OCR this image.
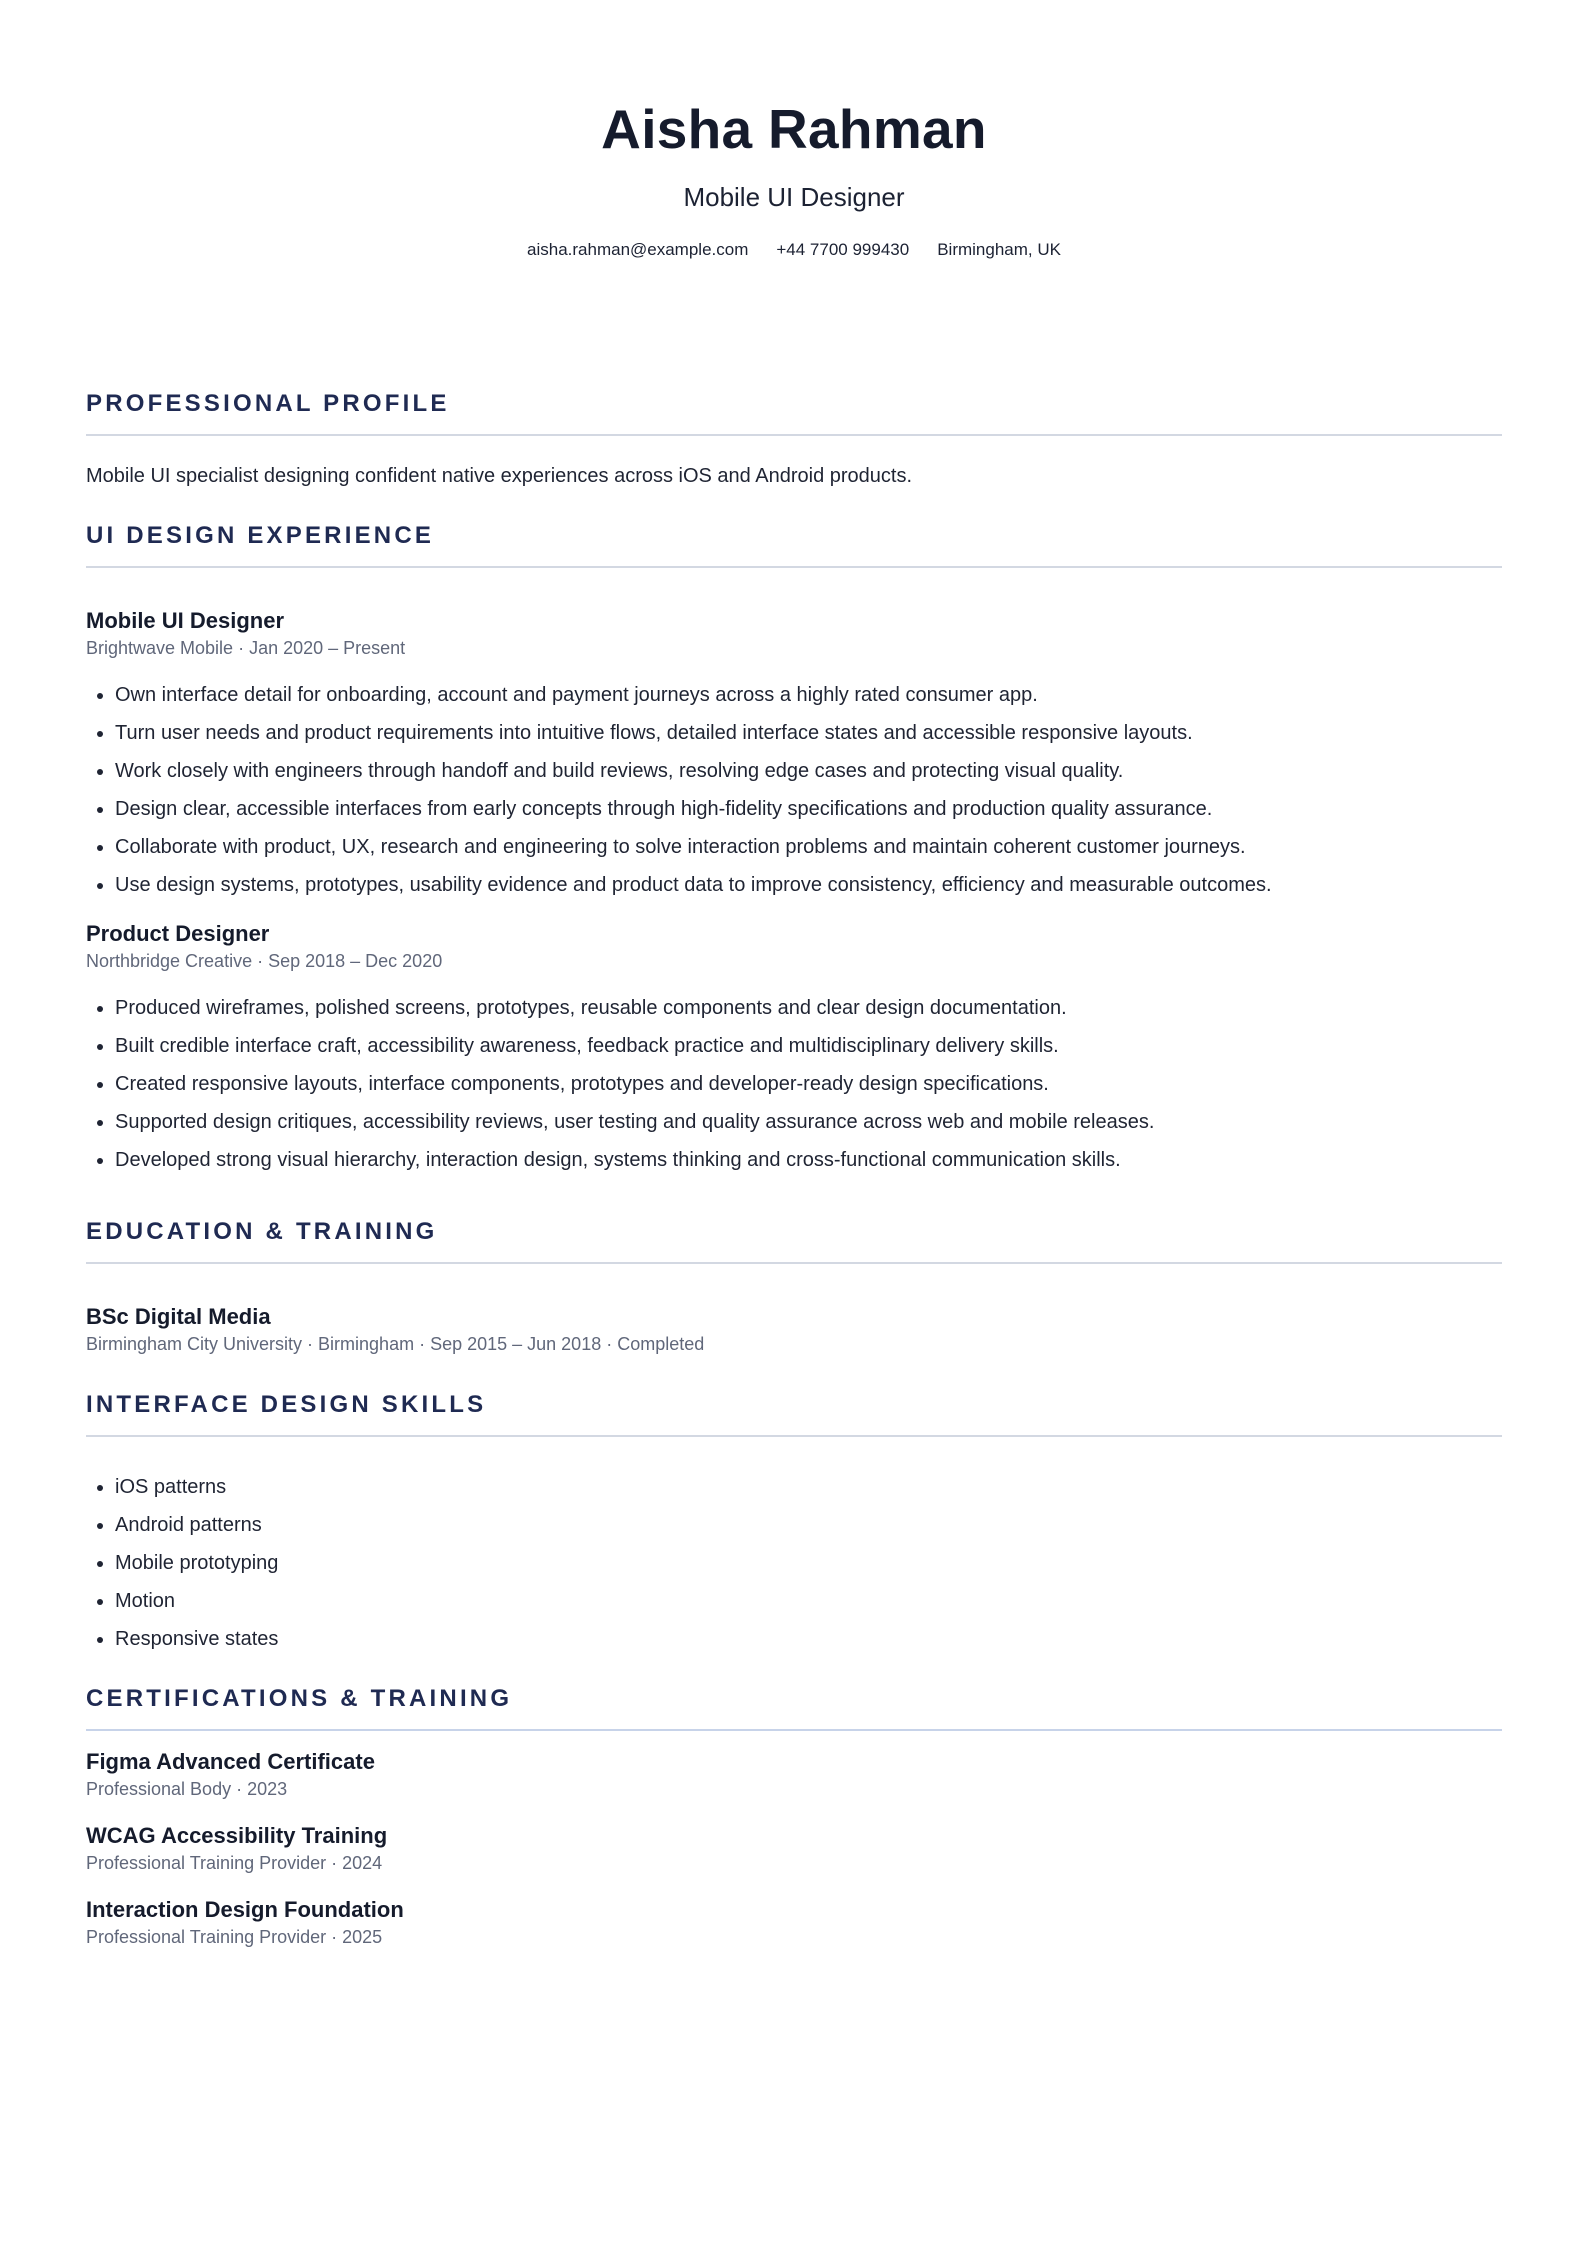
Aisha Rahman
Mobile UI Designer
aisha.rahman@example.com +44 7700 999430 Birmingham, UK
PROFESSIONAL PROFILE
Mobile UI specialist designing confident native experiences across iOS and Android products.
UI DESIGN EXPERIENCE
Mobile UI Designer
Brightwave Mobile · Jan 2020 – Present
• Own interface detail for onboarding, account and payment journeys across a highly rated consumer app.
• Turn user needs and product requirements into intuitive flows, detailed interface states and accessible responsive layouts.
• Work closely with engineers through handoff and build reviews, resolving edge cases and protecting visual quality.
• Design clear, accessible interfaces from early concepts through high-fidelity specifications and production quality assurance.
• Collaborate with product, UX, research and engineering to solve interaction problems and maintain coherent customer journeys.
• Use design systems, prototypes, usability evidence and product data to improve consistency, efficiency and measurable outcomes.
Product Designer
Northbridge Creative · Sep 2018 – Dec 2020
• Produced wireframes, polished screens, prototypes, reusable components and clear design documentation.
• Built credible interface craft, accessibility awareness, feedback practice and multidisciplinary delivery skills.
• Created responsive layouts, interface components, prototypes and developer-ready design specifications.
• Supported design critiques, accessibility reviews, user testing and quality assurance across web and mobile releases.
• Developed strong visual hierarchy, interaction design, systems thinking and cross-functional communication skills.
EDUCATION & TRAINING
BSc Digital Media
Birmingham City University · Birmingham · Sep 2015 – Jun 2018 · Completed
INTERFACE DESIGN SKILLS
• iOS patterns
• Android patterns
• Mobile prototyping
• Motion
• Responsive states
CERTIFICATIONS & TRAINING
Figma Advanced Certificate
Professional Body · 2023
WCAG Accessibility Training
Professional Training Provider · 2024
Interaction Design Foundation
Professional Training Provider · 2025
